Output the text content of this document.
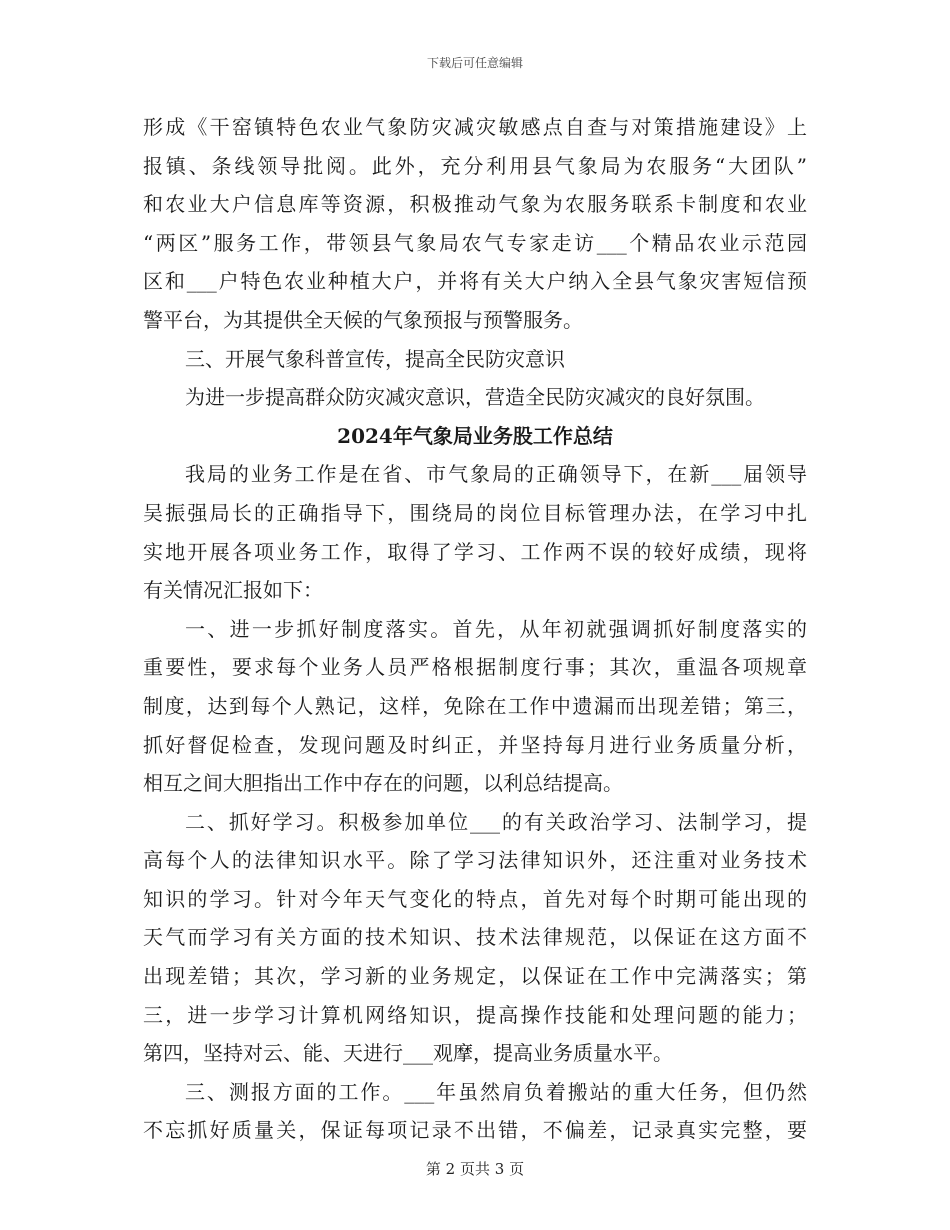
下载后可任意编辑
形成《干窑镇特色农业气象防灾减灾敏感点自查与对策措施建设》上
报镇、条线领导批阅。此外，充分利用县气象局为农服务“大团队”
和农业大户信息库等资源，积极推动气象为农服务联系卡制度和农业
“两区”服务工作，带领县气象局农气专家走访___个精品农业示范园
区和___户特色农业种植大户，并将有关大户纳入全县气象灾害短信预
警平台，为其提供全天候的气象预报与预警服务。
三、开展气象科普宣传，提高全民防灾意识
为进一步提高群众防灾减灾意识，营造全民防灾减灾的良好氛围。
2024年气象局业务股工作总结
我局的业务工作是在省、市气象局的正确领导下，在新___届领导
吴振强局长的正确指导下，围绕局的岗位目标管理办法，在学习中扎
实地开展各项业务工作，取得了学习、工作两不误的较好成绩，现将
有关情况汇报如下：
一、进一步抓好制度落实。首先，从年初就强调抓好制度落实的
重要性，要求每个业务人员严格根据制度行事；其次，重温各项规章
制度，达到每个人熟记，这样，免除在工作中遗漏而出现差错；第三，
抓好督促检查，发现问题及时纠正，并坚持每月进行业务质量分析，
相互之间大胆指出工作中存在的问题，以利总结提高。
二、抓好学习。积极参加单位___的有关政治学习、法制学习，提
高每个人的法律知识水平。除了学习法律知识外，还注重对业务技术
知识的学习。针对今年天气变化的特点，首先对每个时期可能出现的
天气而学习有关方面的技术知识、技术法律规范，以保证在这方面不
出现差错；其次，学习新的业务规定，以保证在工作中完满落实；第
三，进一步学习计算机网络知识，提高操作技能和处理问题的能力；
第四，坚持对云、能、天进行___观摩，提高业务质量水平。
三、测报方面的工作。___年虽然肩负着搬站的重大任务，但仍然
不忘抓好质量关，保证每项记录不出错，不偏差，记录真实完整，要
第 2 页共 3 页
